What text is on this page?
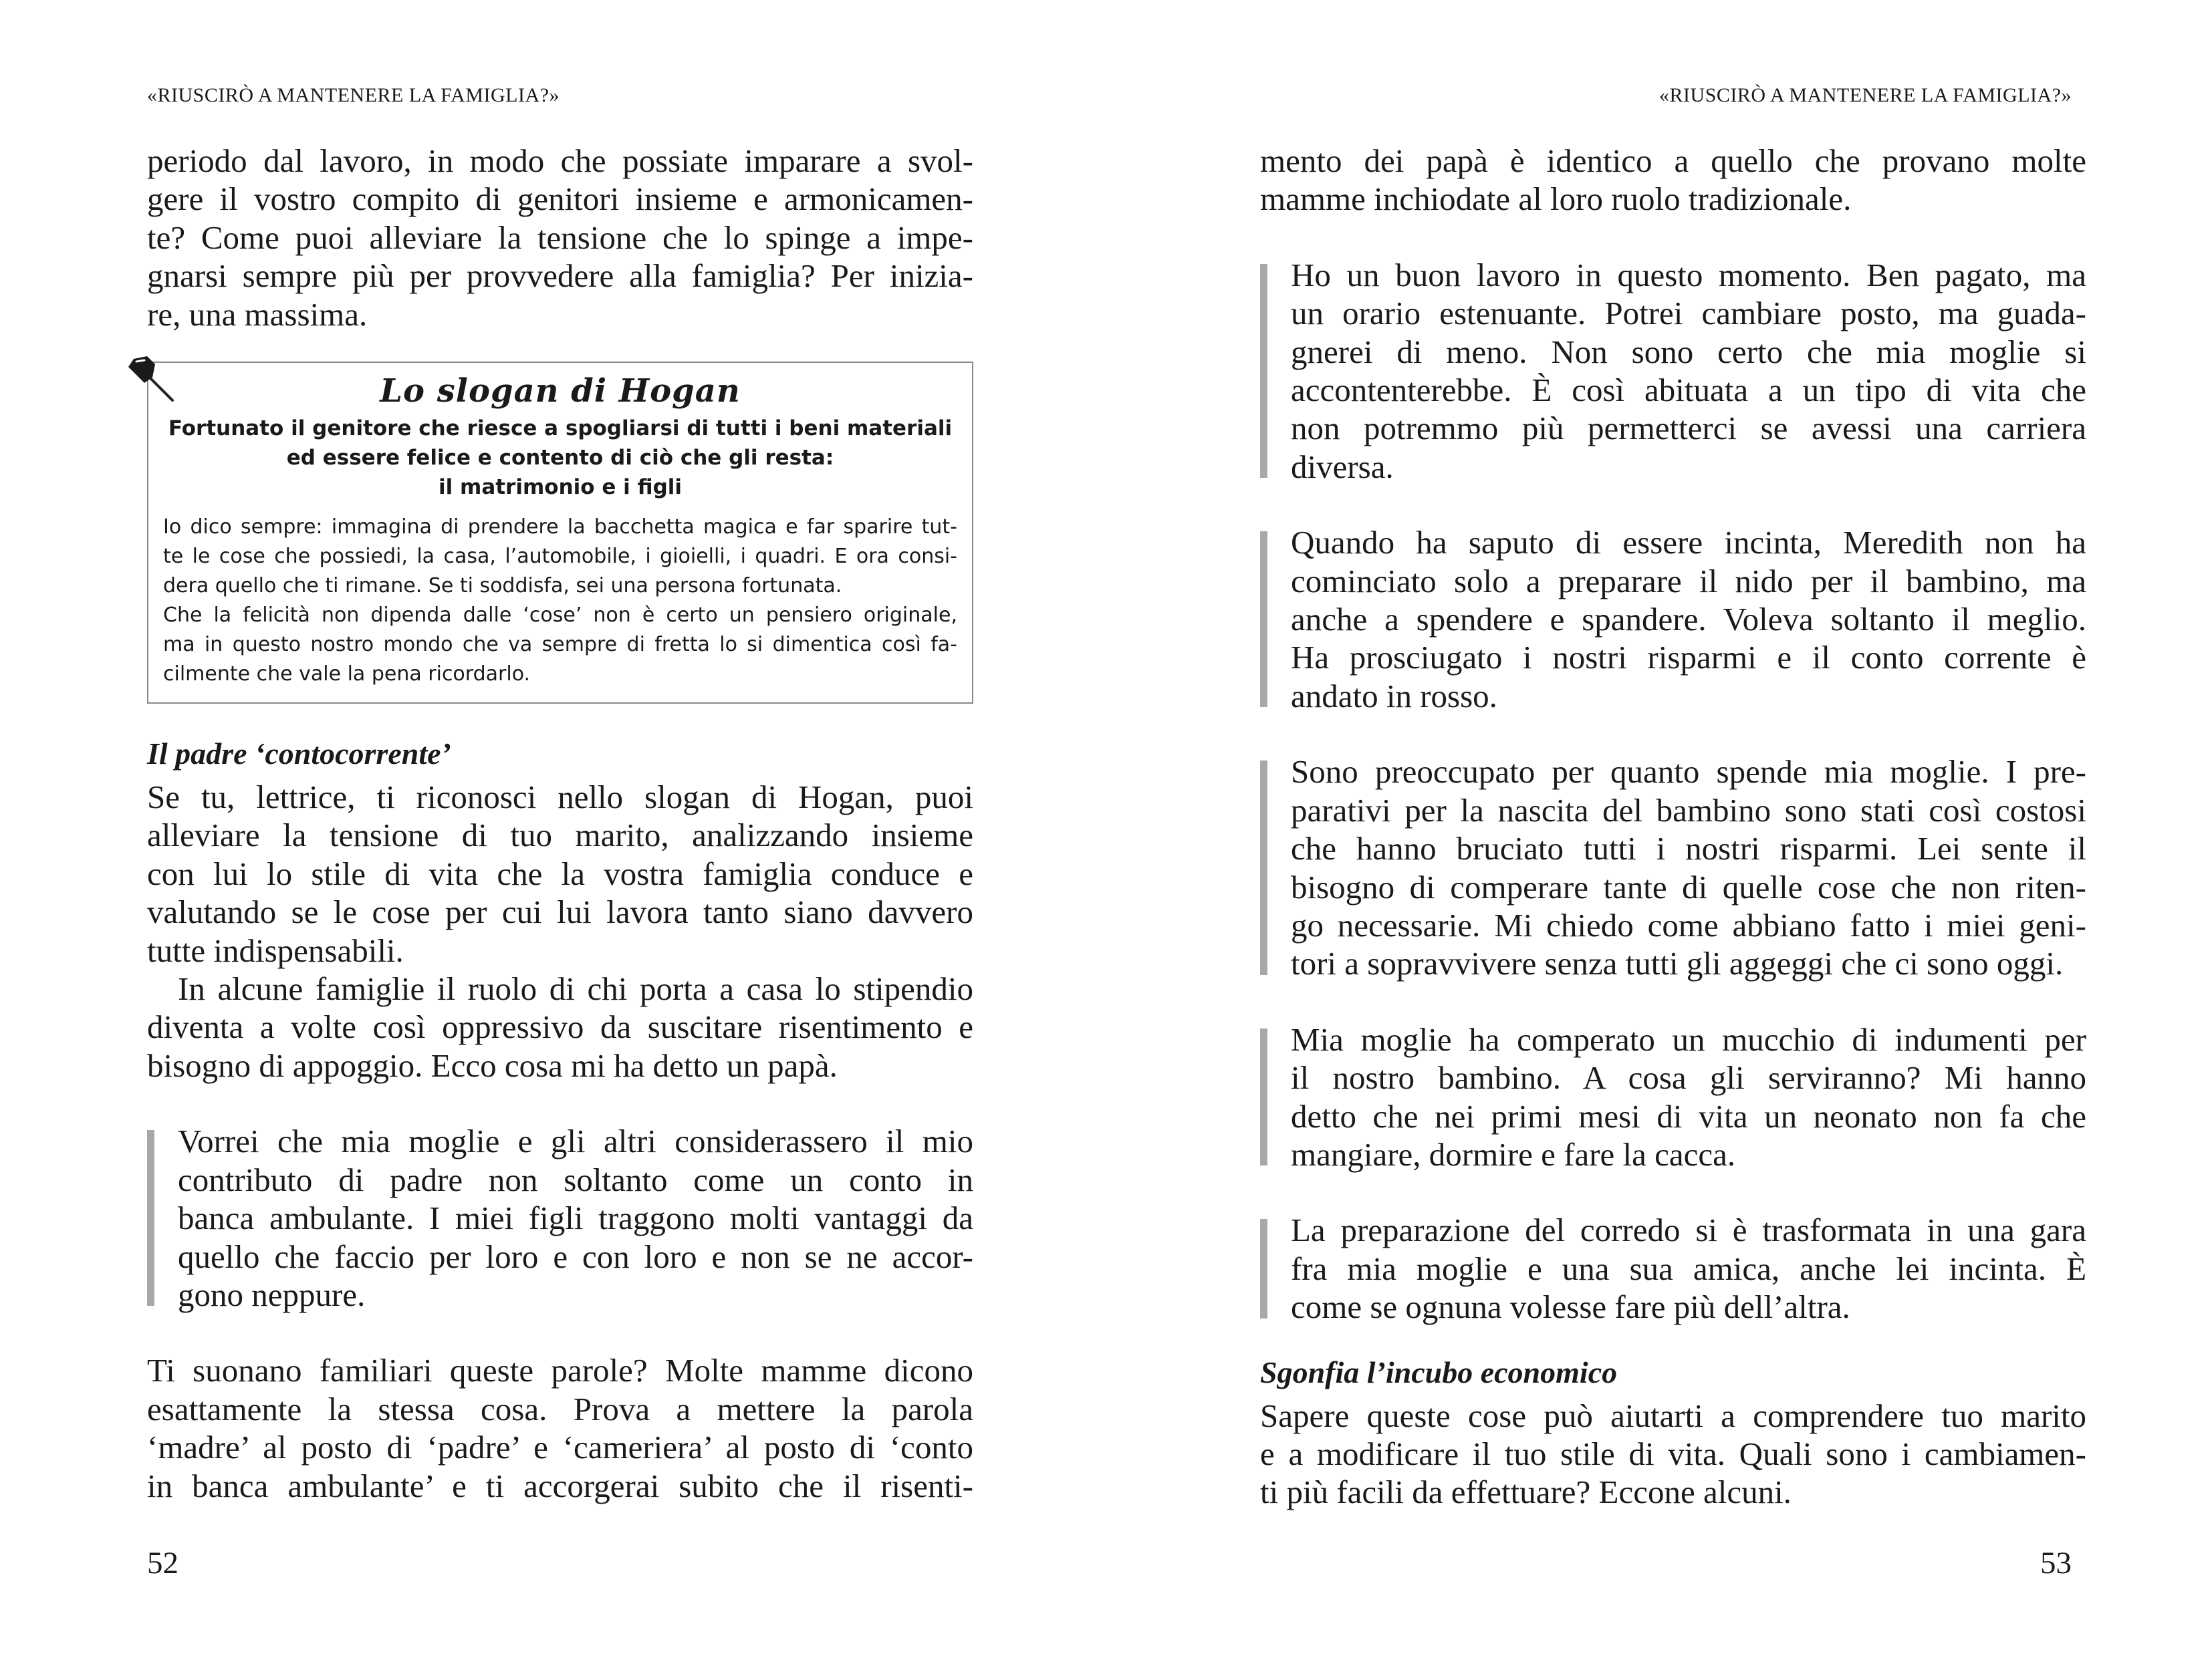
«RIUSCIRÒ A MANTENERE LA FAMIGLIA?»

periodo dal lavoro, in modo che possiate imparare a svol-
gere il vostro compito di genitori insieme e armonicamen-
te? Come puoi alleviare la tensione che lo spinge a impe-
gnarsi sempre più per provvedere alla famiglia? Per inizia-
re, una massima.

Lo slogan di Hogan
Fortunato il genitore che riesce a spogliarsi di tutti i beni materiali
ed essere felice e contento di ciò che gli resta:
il matrimonio e i figli
Io dico sempre: immagina di prendere la bacchetta magica e far sparire tut-
te le cose che possiedi, la casa, l’automobile, i gioielli, i quadri. E ora consi-
dera quello che ti rimane. Se ti soddisfa, sei una persona fortunata.
Che la felicità non dipenda dalle ‘cose’ non è certo un pensiero originale,
ma in questo nostro mondo che va sempre di fretta lo si dimentica così fa-
cilmente che vale la pena ricordarlo.
Il padre ‘contocorrente’

Se tu, lettrice, ti riconosci nello slogan di Hogan, puoi
alleviare la tensione di tuo marito, analizzando insieme
con lui lo stile di vita che la vostra famiglia conduce e
valutando se le cose per cui lui lavora tanto siano davvero
tutte indispensabili.

In alcune famiglie il ruolo di chi porta a casa lo stipendio

diventa a volte così oppressivo da suscitare risentimento e
bisogno di appoggio. Ecco cosa mi ha detto un papà.

Vorrei che mia moglie e gli altri considerassero il mio
contributo di padre non soltanto come un conto in
banca ambulante. I miei figli traggono molti vantaggi da
quello che faccio per loro e con loro e non se ne accor-
gono neppure.

Ti suonano familiari queste parole? Molte mamme dicono
esattamente la stessa cosa. Prova a mettere la parola
‘madre’ al posto di ‘padre’ e ‘cameriera’ al posto di ‘conto
in banca ambulante’ e ti accorgerai subito che il risenti-

52
«RIUSCIRÒ A MANTENERE LA FAMIGLIA?»

mento dei papà è identico a quello che provano molte
mamme inchiodate al loro ruolo tradizionale.

Ho un buon lavoro in questo momento. Ben pagato, ma
un orario estenuante. Potrei cambiare posto, ma guada-
gnerei di meno. Non sono certo che mia moglie si
accontenterebbe. È così abituata a un tipo di vita che
non potremmo più permetterci se avessi una carriera
diversa.
Quando ha saputo di essere incinta, Meredith non ha
cominciato solo a preparare il nido per il bambino, ma
anche a spendere e spandere. Voleva soltanto il meglio.
Ha prosciugato i nostri risparmi e il conto corrente è
andato in rosso.
Sono preoccupato per quanto spende mia moglie. I pre-
parativi per la nascita del bambino sono stati così costosi
che hanno bruciato tutti i nostri risparmi. Lei sente il
bisogno di comperare tante di quelle cose che non riten-
go necessarie. Mi chiedo come abbiano fatto i miei geni-
tori a sopravvivere senza tutti gli aggeggi che ci sono oggi.
Mia moglie ha comperato un mucchio di indumenti per
il nostro bambino. A cosa gli serviranno? Mi hanno
detto che nei primi mesi di vita un neonato non fa che
mangiare, dormire e fare la cacca.
La preparazione del corredo si è trasformata in una gara
fra mia moglie e una sua amica, anche lei incinta. È
come se ognuna volesse fare più dell’altra.
Sgonfia l’incubo economico

Sapere queste cose può aiutarti a comprendere tuo marito
e a modificare il tuo stile di vita. Quali sono i cambiamen-
ti più facili da effettuare? Eccone alcuni.

53
